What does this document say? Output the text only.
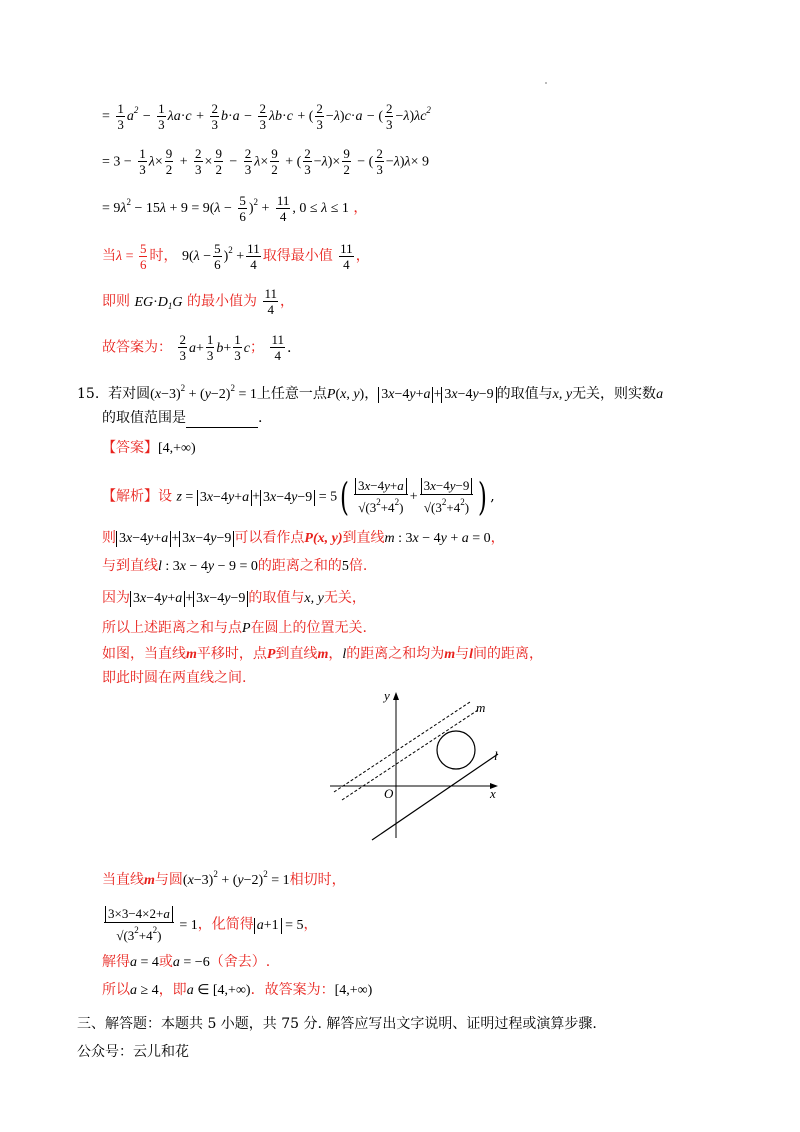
= $\frac{1}{3} a^2 - \frac{1}{3} \lambda a\cdot c + \frac{2}{3} b\cdot a - \frac{2}{3} \lambda b\cdot c$ + ( $\frac{2}{3} -\lambda)c\cdot a$ − ( $\frac{2}{3} -\lambda)\lambda c^2$
= $3 - \frac{1}{3} \lambda\times \frac{9}{2} + \frac{2}{3} \times \frac{9}{2} - \frac{2}{3} \lambda\times \frac{9}{2}$ + ( $\frac{2}{3} -\lambda)\times \frac{9}{2}$ − ( $\frac{2}{3} -\lambda)\lambda\times 9$
= $9\lambda^2 - 15\lambda + 9 = 9(\lambda - \frac{5}{6} )^2 + \frac{11}{4}$ , 0 ≤ λ ≤ 1 ，
当$\lambda = \frac{5}{6}$ 时， $9(\lambda - \frac{5}{6} )^2 + \frac{11}{4}$ 取得最小值 $\frac{11}{4}$ ，
即则 $EG\cdot D_1G$ 的最小值为 $\frac{11}{4}$ ，
故答案为： $\frac{2}{3} a+ \frac{1}{3} b+ \frac{1}{3}$ c； $\frac{11}{4}$ .
15. 若对圆$(x-3)^2 + (y-2)^2 = 1$上任意一点P(x, y)， 3x−4y+a + 3x−4y−9 的取值与x, y无关，则实数a
的取值范围是	.
【答案】[4,+∞)
【解析】设 $z = 3x-4y+a + 3x-4y-9 = 5( \frac{3x-4y+a}{√(3^2+4^2)} + \frac{3x-4y-9}{√(3^2+4^2)}$ ) ,
则 3x−4y+a + 3x−4y−9 可以看作点P(x, y)到直线m : 3x − 4y + a = 0，
与到直线l : 3x − 4y − 9 = 0的距离之和的5倍.
因为 3x−4y+a + 3x−4y−9 的取值与x, y无关，
所以上述距离之和与点P在圆上的位置无关.
如图，当直线m平移时，点P到直线m，l的距离之和均为m与l间的距离，
即此时圆在两直线之间.
y
x
O
m
l
当直线m与圆$(x-3)^2 + (y-2)^2 = 1$相切时，
$\frac{3\times 3-4\times 2+a}{√(3^2+4^2)} = 1$，化简得 a+1 = 5，
解得a = 4或a = −6（舍去）.
所以a ≥ 4，即a ∈ [4,+∞)．故答案为：[4,+∞)
三、解答题：本题共 5 小题，共 75 分. 解答应写出文字说明、证明过程或演算步骤.
公众号：云儿和花
